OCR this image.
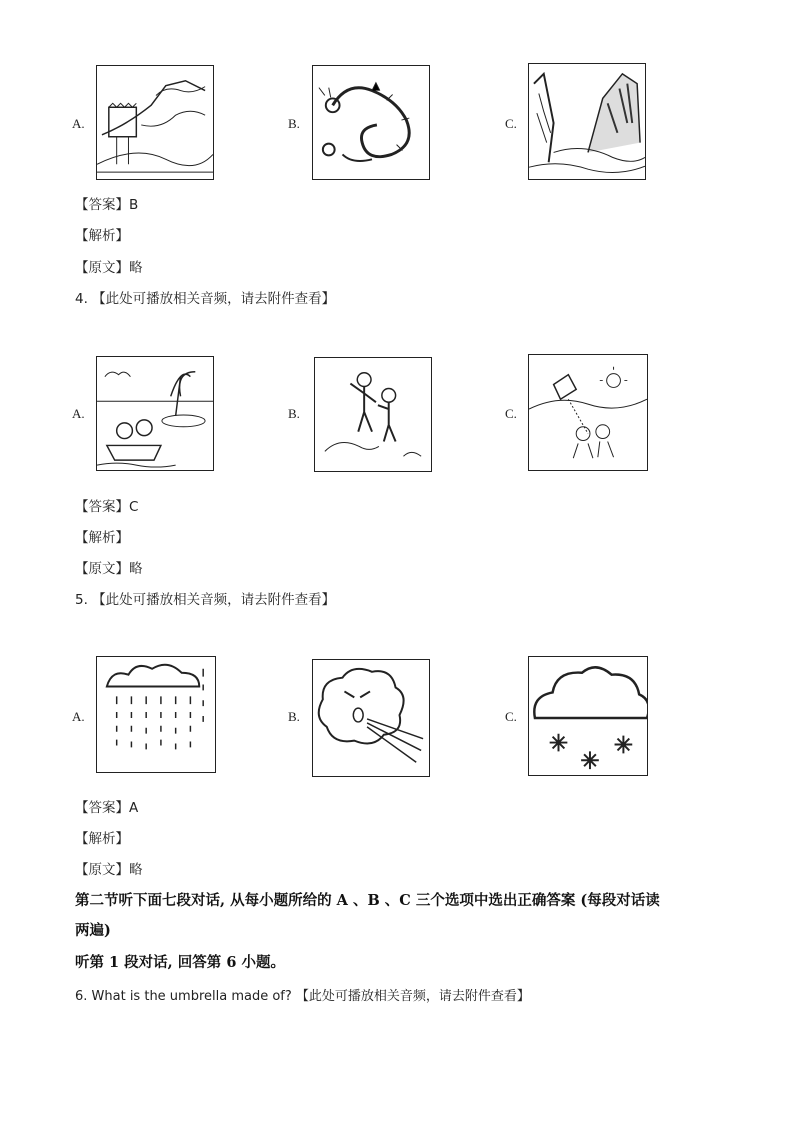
A.	B.	C.
【答案】B
【解析】
【原文】略
4. 【此处可播放相关音频，请去附件查看】
A.	B.	C.
【答案】C
【解析】
【原文】略
5. 【此处可播放相关音频，请去附件查看】
A.	B.	C.
【答案】A
【解析】
【原文】略
第二节听下面七段对话, 从每小题所给的 A 、B 、C 三个选项中选出正确答案 (每段对话读
两遍)
听第 1 段对话, 回答第 6 小题。
6. What is the umbrella made of? 【此处可播放相关音频，请去附件查看】
